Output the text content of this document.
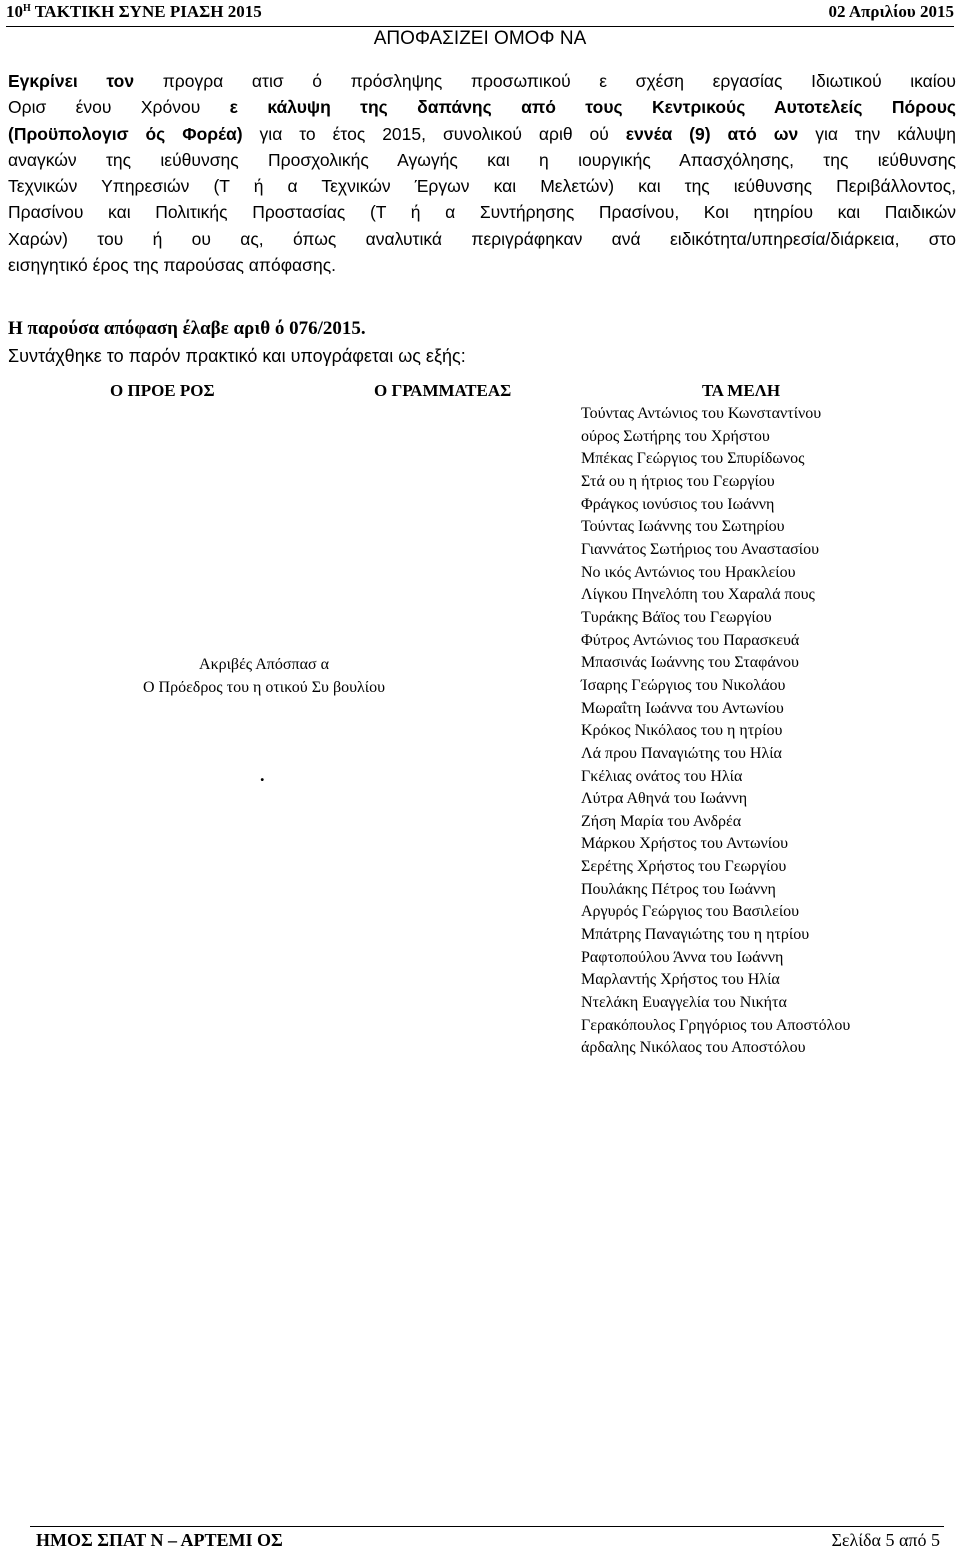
$10^H$ ΤΑΚΤΙΚΗ ΣΥΝΕ ΡΙΑΣΗ 2015	02 Απριλίου 2015
ΑΠΟΦΑΣΙΖΕΙ ΟΜΟΦ ΝΑ
Εγκρίνει τον προγρα ατισ ό πρόσληψης προσωπικού ε σχέση εργασίας Ιδιωτικού ικαίου
Ορισ ένου Χρόνου ε κάλυψη της δαπάνης από τους Κεντρικούς Αυτοτελείς Πόρους
(Προϋπολογισ ός Φορέα) για το έτος 2015, συνολικού αριθ ού εννέα (9) ατό ων για την κάλυψη
αναγκών της ιεύθυνσης Προσχολικής Αγωγής και η ιουργικής Απασχόλησης, της ιεύθυνσης
Τεχνικών Υπηρεσιών (Τ ή α Τεχνικών Έργων και Μελετών) και της ιεύθυνσης Περιβάλλοντος,
Πρασίνου και Πολιτικής Προστασίας (Τ ή α Συντήρησης Πρασίνου, Κοι ητηρίου και Παιδικών
Χαρών) του ή ου ας, όπως αναλυτικά περιγράφηκαν ανά ειδικότητα/υπηρεσία/διάρκεια, στο
εισηγητικό έρος της παρούσας απόφασης.
Η παρούσα απόφαση έλαβε αριθ ό 076/2015.
Συντάχθηκε το παρόν πρακτικό και υπογράφεται ως εξής:
Ο ΠΡΟΕ ΡΟΣ	Ο ΓΡΑΜΜΑΤΕΑΣ	ΤΑ ΜΕΛΗ
Τούντας Αντώνιος του Κωνσταντίνου
ούρος Σωτήρης του Χρήστου
Μπέκας Γεώργιος του Σπυρίδωνος
Στά ου η ήτριος του Γεωργίου
Φράγκος ιονύσιος του Ιωάννη
Τούντας Ιωάννης του Σωτηρίου
Γιαννάτος Σωτήριος του Αναστασίου
Νο ικός Αντώνιος του Ηρακλείου
Λίγκου Πηνελόπη του Χαραλά πους
Τυράκης Βάϊος του Γεωργίου
Φύτρος Αντώνιος του Παρασκευά
Μπασινάς Ιωάννης του Σταφάνου
Ίσαρης Γεώργιος του Νικολάου
Μωραΐτη Ιωάννα του Αντωνίου
Κρόκος Νικόλαος του η ητρίου
Λά πρου Παναγιώτης του Ηλία
Γκέλιας ονάτος του Ηλία
Λύτρα Αθηνά του Ιωάννη
Ζήση Μαρία του Ανδρέα
Μάρκου Χρήστος του Αντωνίου
Σερέτης Χρήστος του Γεωργίου
Πουλάκης Πέτρος του Ιωάννη
Αργυρός Γεώργιος του Βασιλείου
Μπάτρης Παναγιώτης του η ητρίου
Ραφτοπούλου Άννα του Ιωάννη
Μαρλαντής Χρήστος του Ηλία
Ντελάκη Ευαγγελία του Νικήτα
Γερακόπουλος Γρηγόριος του Αποστόλου
άρδαλης Νικόλαος του Αποστόλου
Ακριβές Απόσπασ α
Ο Πρόεδρος του η οτικού Συ βουλίου
.
ΗΜΟΣ ΣΠΑΤ Ν – ΑΡΤΕΜΙ ΟΣ	Σελίδα 5 από 5
